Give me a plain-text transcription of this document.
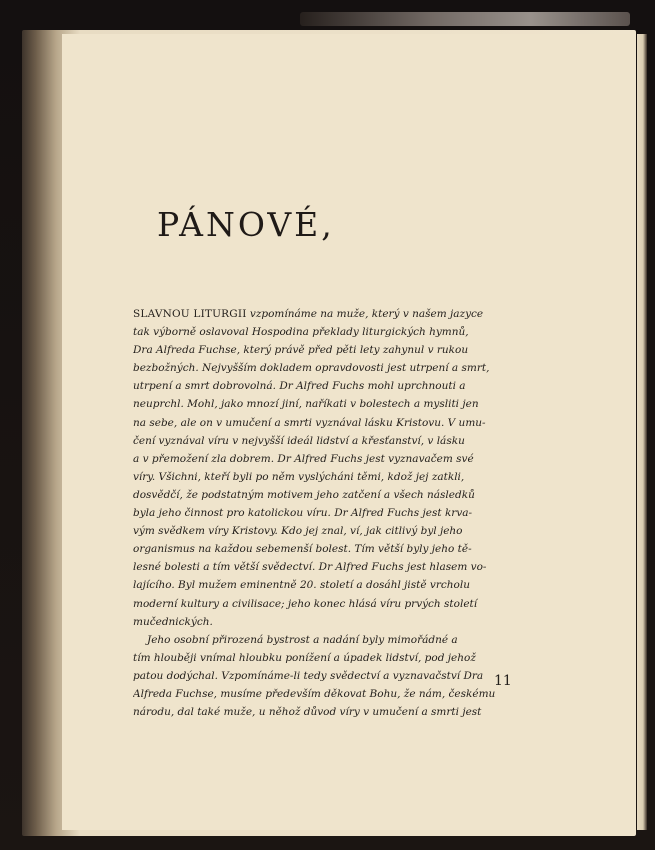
PÁNOVÉ,
SLAVNOU LITURGII vzpomínáme na muže, který v našem jazyce
tak výborně oslavoval Hospodina překlady liturgických hymnů,
Dra Alfreda Fuchse, který právě před pěti lety zahynul v rukou
bezbožných. Nejvyšším dokladem opravdovosti jest utrpení a smrt,
utrpení a smrt dobrovolná. Dr Alfred Fuchs mohl uprchnouti a
neuprchl. Mohl, jako mnozí jiní, naříkati v bolestech a mysliti jen
na sebe, ale on v umučení a smrti vyznával lásku Kristovu. V umu-
čení vyznával víru v nejvyšší ideál lidství a křesťanství, v lásku
a v přemožení zla dobrem. Dr Alfred Fuchs jest vyznavačem své
víry. Všichni, kteří byli po něm vyslýcháni těmi, kdož jej zatkli,
dosvědčí, že podstatným motivem jeho zatčení a všech následků
byla jeho činnost pro katolickou víru. Dr Alfred Fuchs jest krva-
vým svědkem víry Kristovy. Kdo jej znal, ví, jak citlivý byl jeho
organismus na každou sebemenší bolest. Tím větší byly jeho tě-
lesné bolesti a tím větší svědectví. Dr Alfred Fuchs jest hlasem vo-
lajícího. Byl mužem eminentně 20. století a dosáhl jistě vrcholu
moderní kultury a civilisace; jeho konec hlásá víru prvých století
mučednických.
Jeho osobní přirozená bystrost a nadání byly mimořádné a
tím hlouběji vnímal hloubku ponížení a úpadek lidství, pod jehož
patou dodýchal. Vzpomínáme-li tedy svědectví a vyznavačství Dra
Alfreda Fuchse, musíme především děkovat Bohu, že nám, českému
národu, dal také muže, u něhož důvod víry v umučení a smrti jest
11
